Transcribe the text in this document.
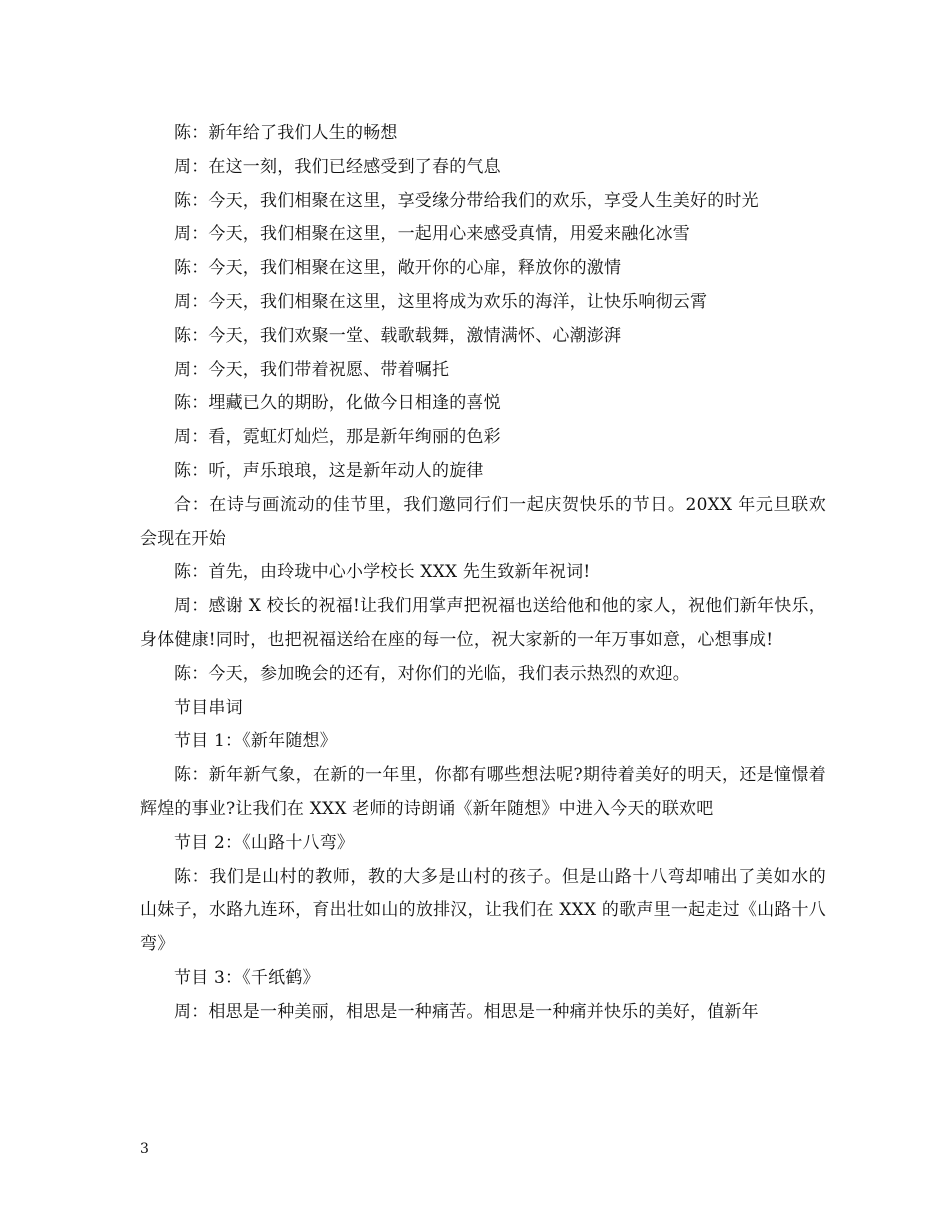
陈：新年给了我们人生的畅想

周：在这一刻，我们已经感受到了春的气息

陈：今天，我们相聚在这里，享受缘分带给我们的欢乐，享受人生美好的时光

周：今天，我们相聚在这里，一起用心来感受真情，用爱来融化冰雪

陈：今天，我们相聚在这里，敞开你的心扉，释放你的激情

周：今天，我们相聚在这里，这里将成为欢乐的海洋，让快乐响彻云霄

陈：今天，我们欢聚一堂、载歌载舞，激情满怀、心潮澎湃

周：今天，我们带着祝愿、带着嘱托

陈：埋藏已久的期盼，化做今日相逢的喜悦

周：看，霓虹灯灿烂，那是新年绚丽的色彩

陈：听，声乐琅琅，这是新年动人的旋律

合：在诗与画流动的佳节里，我们邀同行们一起庆贺快乐的节日。20XX 年元旦联欢会现在开始

陈：首先，由玲珑中心小学校长 XXX 先生致新年祝词!

周：感谢 X 校长的祝福!让我们用掌声把祝福也送给他和他的家人，祝他们新年快乐，身体健康!同时，也把祝福送给在座的每一位，祝大家新的一年万事如意，心想事成!

陈：今天，参加晚会的还有，对你们的光临，我们表示热烈的欢迎。

节目串词

节目 1：《新年随想》

陈：新年新气象，在新的一年里，你都有哪些想法呢?期待着美好的明天，还是憧憬着辉煌的事业?让我们在 XXX 老师的诗朗诵《新年随想》中进入今天的联欢吧

节目 2：《山路十八弯》

陈：我们是山村的教师，教的大多是山村的孩子。但是山路十八弯却哺出了美如水的山妹子，水路九连环，育出壮如山的放排汉，让我们在 XXX 的歌声里一起走过《山路十八弯》

节目 3：《千纸鹤》

周：相思是一种美丽，相思是一种痛苦。相思是一种痛并快乐的美好，值新年

3
